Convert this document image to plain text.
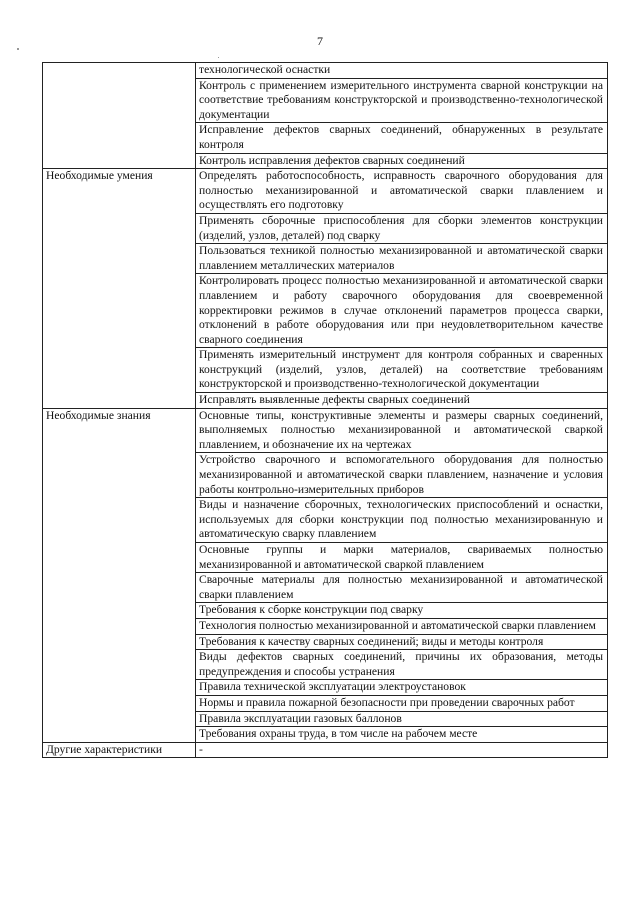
7
	технологической оснастки
	Контроль с применением измерительного инструмента сварной конструкции на соответствие требованиям конструкторской и производственно-технологической документации
	Исправление дефектов сварных соединений, обнаруженных в результате контроля
	Контроль исправления дефектов сварных соединений
Необходимые умения	Определять работоспособность, исправность сварочного оборудования для полностью механизированной и автоматической сварки плавлением и осуществлять его подготовку
	Применять сборочные приспособления для сборки элементов конструкции (изделий, узлов, деталей) под сварку
	Пользоваться техникой полностью механизированной и автоматической сварки плавлением металлических материалов
	Контролировать процесс полностью механизированной и автоматической сварки плавлением и работу сварочного оборудования для своевременной корректировки режимов в случае отклонений параметров процесса сварки, отклонений в работе оборудования или при неудовлетворительном качестве сварного соединения
	Применять измерительный инструмент для контроля собранных и сваренных конструкций (изделий, узлов, деталей) на соответствие требованиям конструкторской и производственно-технологической документации
	Исправлять выявленные дефекты сварных соединений
Необходимые знания	Основные типы, конструктивные элементы и размеры сварных соединений, выполняемых полностью механизированной и автоматической сваркой плавлением, и обозначение их на чертежах
	Устройство сварочного и вспомогательного оборудования для полностью механизированной и автоматической сварки плавлением, назначение и условия работы контрольно-измерительных приборов
	Виды и назначение сборочных, технологических приспособлений и оснастки, используемых для сборки конструкции под полностью механизированную и автоматическую сварку плавлением
	Основные группы и марки материалов, свариваемых полностью механизированной и автоматической сваркой плавлением
	Сварочные материалы для полностью механизированной и автоматической сварки плавлением
	Требования к сборке конструкции под сварку
	Технология полностью механизированной и автоматической сварки плавлением
	Требования к качеству сварных соединений; виды и методы контроля
	Виды дефектов сварных соединений, причины их образования, методы предупреждения и способы устранения
	Правила технической эксплуатации электроустановок
	Нормы и правила пожарной безопасности при проведении сварочных работ
	Правила эксплуатации газовых баллонов
	Требования охраны труда, в том числе на рабочем месте
Другие характеристики	-
